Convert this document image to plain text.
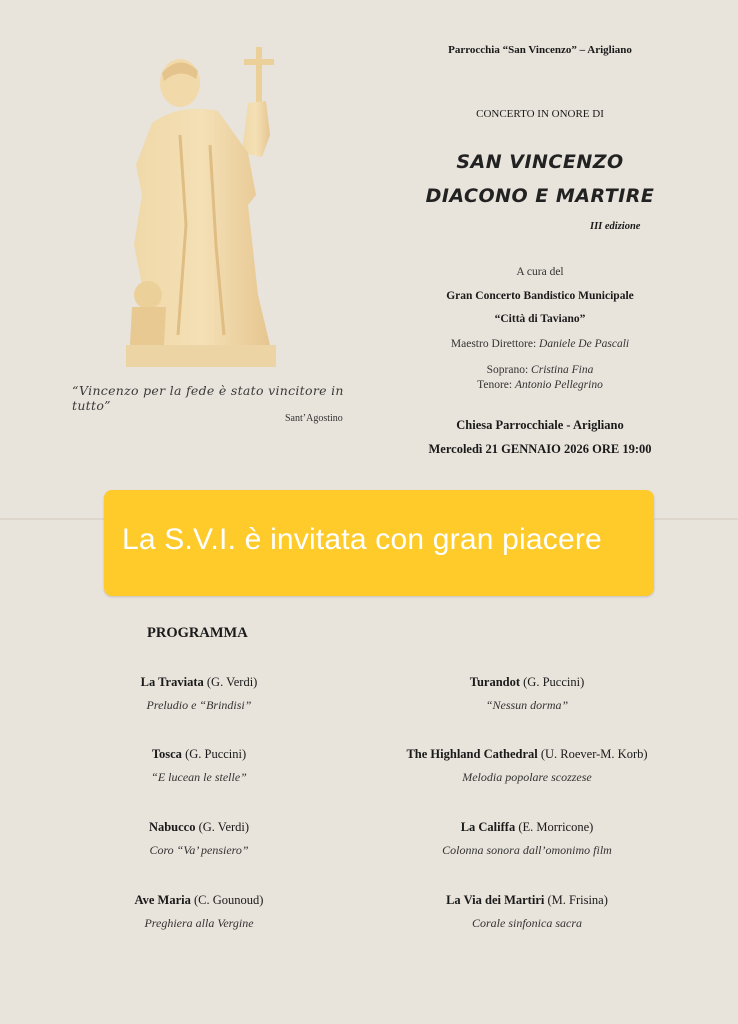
“Vincenzo per la fede è stato vincitore in tutto”
Sant’Agostino
Parrocchia “San Vincenzo” – Arigliano
CONCERTO IN ONORE DI
SAN VINCENZO
DIACONO E MARTIRE
III edizione
A cura del
Gran Concerto Bandistico Municipale
“Città di Taviano”
Maestro Direttore: Daniele De Pascali
Soprano: Cristina Fina
Tenore: Antonio Pellegrino
Chiesa Parrocchiale - Arigliano
Mercoledì 21 GENNAIO 2026 ORE 19:00
La S.V.I. è invitata con gran piacere
PROGRAMMA
La Traviata (G. Verdi)
Preludio e “Brindisi”
Tosca (G. Puccini)
“E lucean le stelle”
Nabucco (G. Verdi)
Coro “Va’ pensiero”
Ave Maria (C. Gounoud)
Preghiera alla Vergine
Turandot (G. Puccini)
“Nessun dorma”
The Highland Cathedral (U. Roever-M. Korb)
Melodia popolare scozzese
La Califfa (E. Morricone)
Colonna sonora dall’omonimo film
La Via dei Martiri (M. Frisina)
Corale sinfonica sacra
